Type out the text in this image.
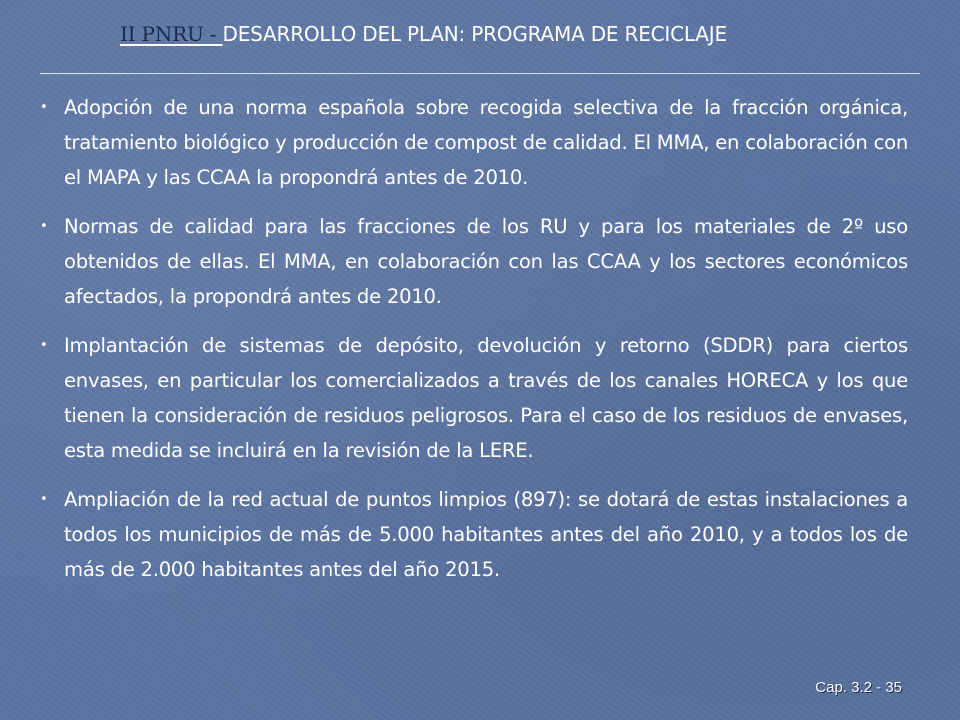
II PNRU - DESARROLLO DEL PLAN: PROGRAMA DE RECICLAJE
• Adopción de una norma española sobre recogida selectiva de la fracción orgánica, tratamiento biológico y producción de compost de calidad. El MMA, en colaboración con el MAPA y las CCAA la propondrá antes de 2010.
• Normas de calidad para las fracciones de los RU y para los materiales de 2º uso obtenidos de ellas. El MMA, en colaboración con las CCAA y los sectores económicos afectados, la propondrá antes de 2010.
• Implantación de sistemas de depósito, devolución y retorno (SDDR) para ciertos envases, en particular los comercializados a través de los canales HORECA y los que tienen la consideración de residuos peligrosos. Para el caso de los residuos de envases, esta medida se incluirá en la revisión de la LERE.
• Ampliación de la red actual de puntos limpios (897): se dotará de estas instalaciones a todos los municipios de más de 5.000 habitantes antes del año 2010, y a todos los de más de 2.000 habitantes antes del año 2015.
Cap. 3.2 - 35
